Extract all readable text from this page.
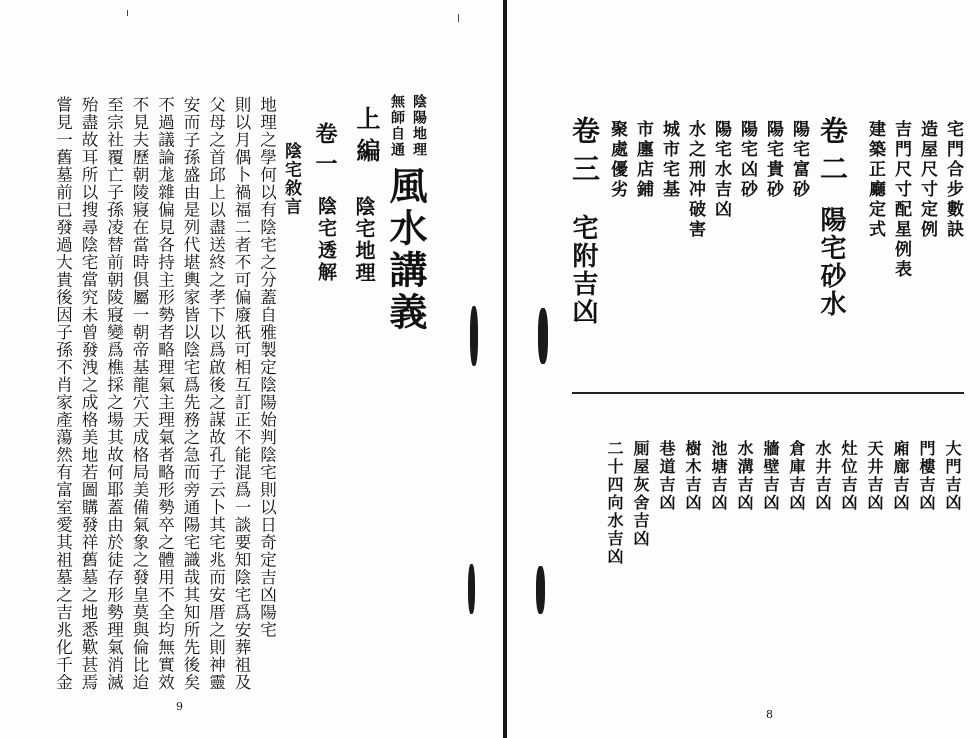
陰陽地理
無師自通
風水講義
上編
陰宅地理
卷一
陰宅透解
陰宅敘言
地理之學何以有陰宅之分蓋自雅製定陰陽始判陰宅則以日奇定吉凶陽宅
則以月偶卜禍福二者不可偏廢祇可相互訂正不能混爲一談要知陰宅爲安葬祖及
父母之首邱上以盡送終之孝下以爲啟後之謀故孔子云卜其宅兆而安厝之則神靈
安而子孫盛由是列代堪輿家皆以陰宅爲先務之急而旁通陽宅識哉其知所先後矣
不過議論尨雜偏見各持主形勢者略理氣主理氣者略形勢卒之體用不全均無實效
不見夫歷朝陵寢在當時俱屬一朝帝基龍穴天成格局美備氣象之發皇莫與倫比迨
至宗社覆亡子孫凌替前朝陵寢變爲樵採之場其故何耶蓋由於徒存形勢理氣消滅
殆盡故耳所以搜尋陰宅當究未曾發洩之成格美地若圖購發祥舊墓之地悉歎甚焉
嘗見一舊墓前已發過大貴後因子孫不肖家產蕩然有富室愛其祖墓之吉兆化千金
9
宅門合步數訣
造屋尺寸定例
吉門尺寸配星例表
建築正廳定式
卷二
陽宅砂水
陽宅富砂
陽宅貴砂
陽宅凶砂
陽宅水吉凶
水之刑冲破害
城市宅基
市廛店鋪
聚處優劣
卷三
宅附吉凶
大門吉凶
門樓吉凶
廂廊吉凶
天井吉凶
灶位吉凶
水井吉凶
倉庫吉凶
牆壁吉凶
水溝吉凶
池塘吉凶
樹木吉凶
巷道吉凶
厠屋灰舍吉凶
二十四向水吉凶
8
